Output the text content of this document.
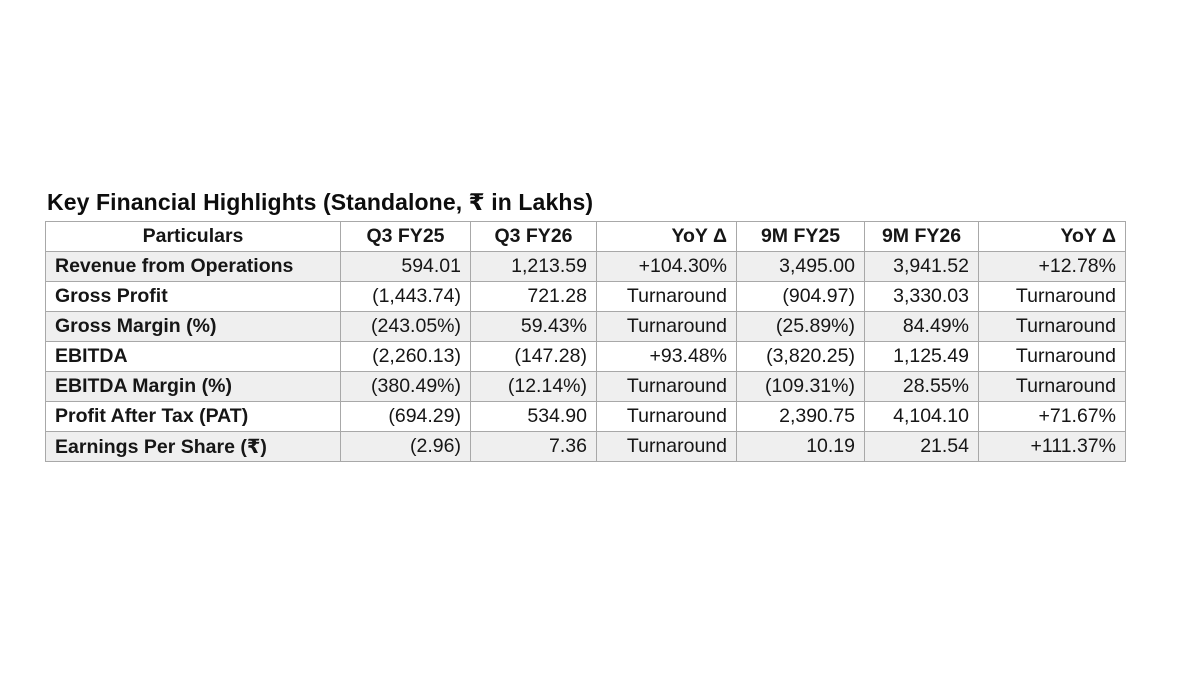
Key Financial Highlights (Standalone, ₹ in Lakhs)
Particulars	Q3 FY25	Q3 FY26	YoY Δ	9M FY25	9M FY26	YoY Δ
Revenue from Operations	594.01	1,213.59	+104.30%	3,495.00	3,941.52	+12.78%
Gross Profit	(1,443.74)	721.28	Turnaround	(904.97)	3,330.03	Turnaround
Gross Margin (%)	(243.05%)	59.43%	Turnaround	(25.89%)	84.49%	Turnaround
EBITDA	(2,260.13)	(147.28)	+93.48%	(3,820.25)	1,125.49	Turnaround
EBITDA Margin (%)	(380.49%)	(12.14%)	Turnaround	(109.31%)	28.55%	Turnaround
Profit After Tax (PAT)	(694.29)	534.90	Turnaround	2,390.75	4,104.10	+71.67%
Earnings Per Share (₹)	(2.96)	7.36	Turnaround	10.19	21.54	+111.37%
